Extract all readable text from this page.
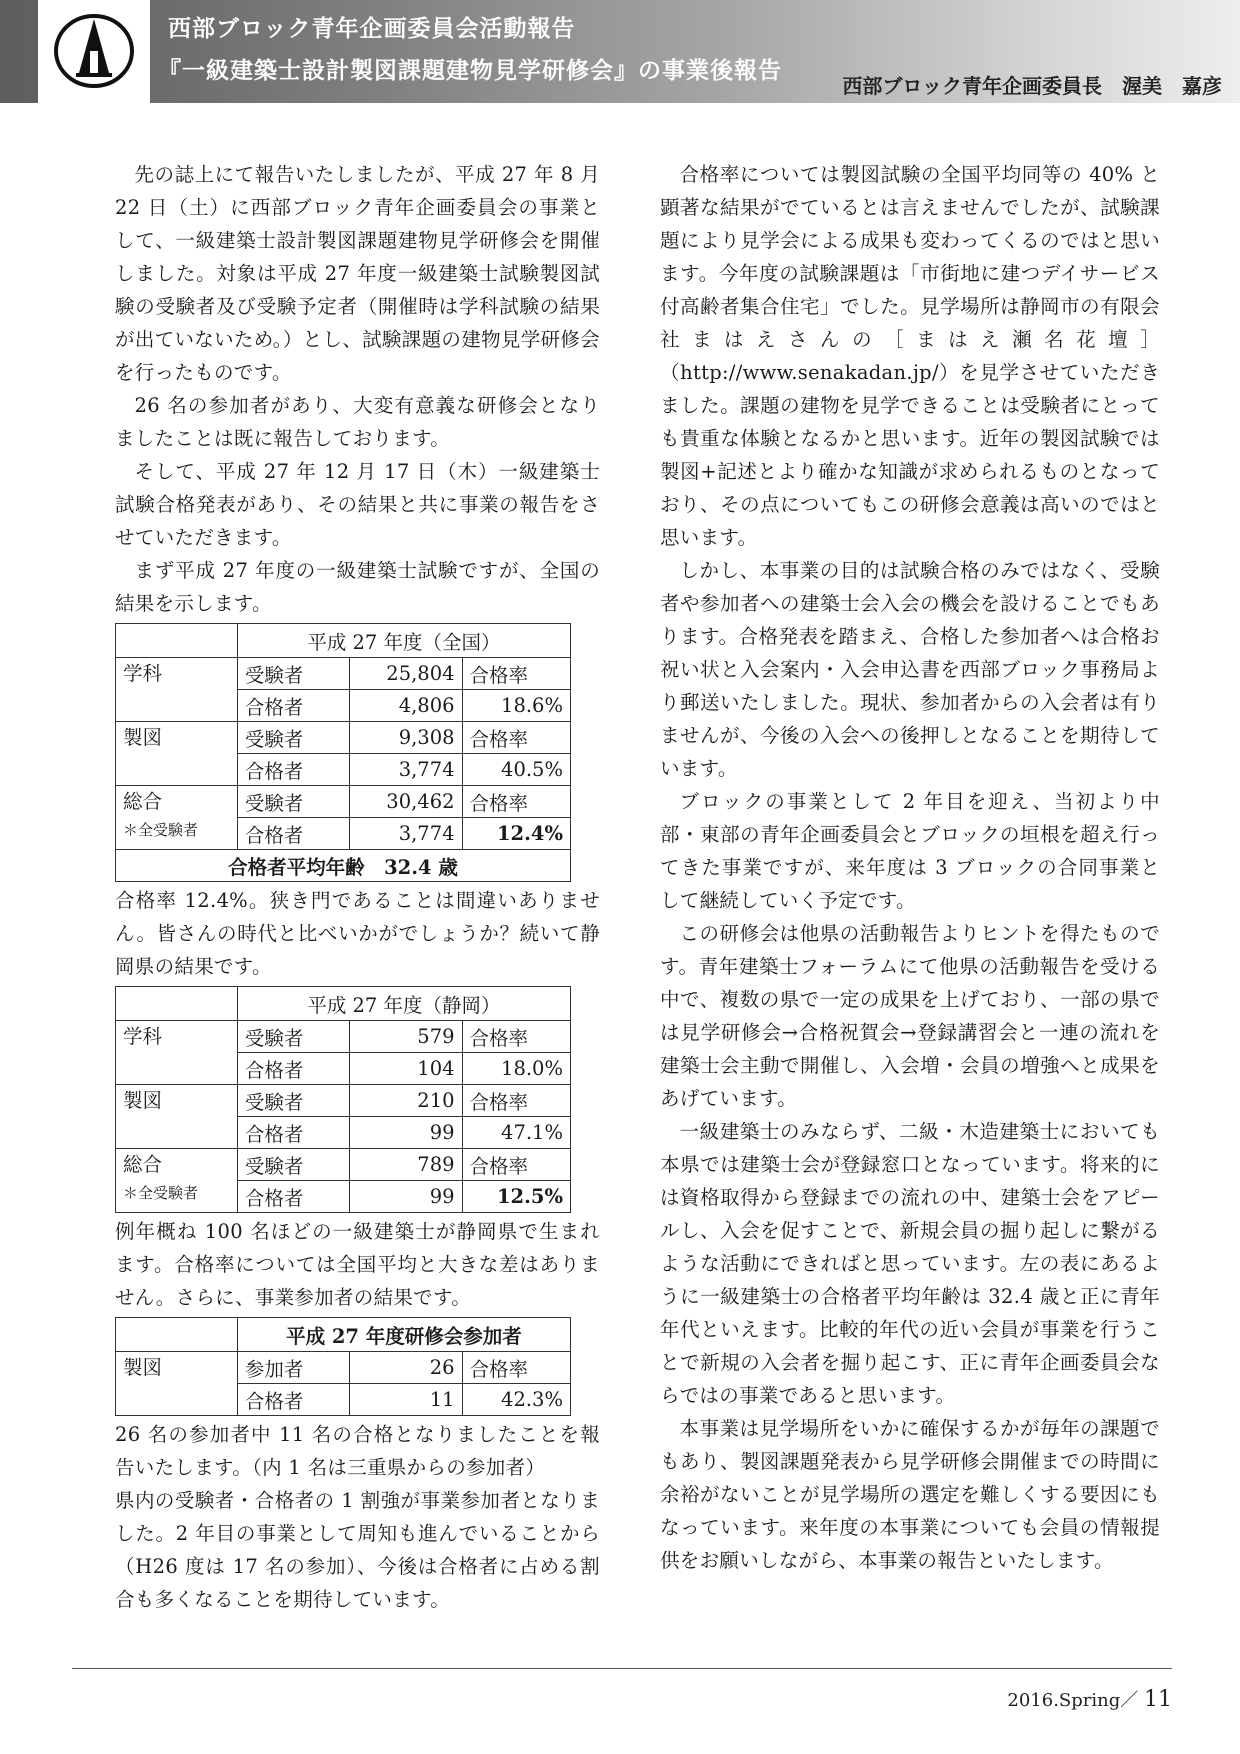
西部ブロック青年企画委員会活動報告
『一級建築士設計製図課題建物見学研修会』の事業後報告

西部ブロック青年企画委員長　渥美　嘉彦

先の誌上にて報告いたしましたが、平成 27 年 8 月 22 日（土）に西部ブロック青年企画委員会の事業として、一級建築士設計製図課題建物見学研修会を開催しました。対象は平成 27 年度一級建築士試験製図試験の受験者及び受験予定者（開催時は学科試験の結果が出ていないため。）とし、試験課題の建物見学研修会を行ったものです。

26 名の参加者があり、大変有意義な研修会となりましたことは既に報告しております。

そして、平成 27 年 12 月 17 日（木）一級建築士試験合格発表があり、その結果と共に事業の報告をさせていただきます。

まず平成 27 年度の一級建築士試験ですが、全国の結果を示します。

	平成 27 年度（全国）		
学科	受験者	25,804	合格率
	合格者	4,806	18.6%
製図	受験者	9,308	合格率
	合格者	3,774	40.5%
総合
＊全受験者	受験者	30,462	合格率
	合格者	3,774	12.4%
合格者平均年齢　32.4 歳			

合格率 12.4%。狭き門であることは間違いありません。皆さんの時代と比べいかがでしょうか？続いて静岡県の結果です。

	平成 27 年度（静岡）		
学科	受験者	579	合格率
	合格者	104	18.0%
製図	受験者	210	合格率
	合格者	99	47.1%
総合
＊全受験者	受験者	789	合格率
	合格者	99	12.5%

例年概ね 100 名ほどの一級建築士が静岡県で生まれます。合格率については全国平均と大きな差はありません。さらに、事業参加者の結果です。

	平成 27 年度研修会参加者		
製図	参加者	26	合格率
	合格者	11	42.3%

26 名の参加者中 11 名の合格となりましたことを報告いたします。（内 1 名は三重県からの参加者）

県内の受験者・合格者の 1 割強が事業参加者となりました。2 年目の事業として周知も進んでいることから（H26 度は 17 名の参加）、今後は合格者に占める割合も多くなることを期待しています。

合格率については製図試験の全国平均同等の 40% と顕著な結果がでているとは言えませんでしたが、試験課題により見学会による成果も変わってくるのではと思います。今年度の試験課題は「市街地に建つデイサービス付高齢者集合住宅」でした。見学場所は静岡市の有限会社まはえさんの［まはえ瀬名花壇］（http://www.senakadan.jp/）を見学させていただきました。課題の建物を見学できることは受験者にとっても貴重な体験となるかと思います。近年の製図試験では製図+記述とより確かな知識が求められるものとなっており、その点についてもこの研修会意義は高いのではと思います。

しかし、本事業の目的は試験合格のみではなく、受験者や参加者への建築士会入会の機会を設けることでもあります。合格発表を踏まえ、合格した参加者へは合格お祝い状と入会案内・入会申込書を西部ブロック事務局より郵送いたしました。現状、参加者からの入会者は有りませんが、今後の入会への後押しとなることを期待しています。

ブロックの事業として 2 年目を迎え、当初より中部・東部の青年企画委員会とブロックの垣根を超え行ってきた事業ですが、来年度は 3 ブロックの合同事業として継続していく予定です。

この研修会は他県の活動報告よりヒントを得たものです。青年建築士フォーラムにて他県の活動報告を受ける中で、複数の県で一定の成果を上げており、一部の県では見学研修会→合格祝賀会→登録講習会と一連の流れを建築士会主動で開催し、入会増・会員の増強へと成果をあげています。

一級建築士のみならず、二級・木造建築士においても本県では建築士会が登録窓口となっています。将来的には資格取得から登録までの流れの中、建築士会をアピールし、入会を促すことで、新規会員の掘り起しに繋がるような活動にできればと思っています。左の表にあるように一級建築士の合格者平均年齢は 32.4 歳と正に青年年代といえます。比較的年代の近い会員が事業を行うことで新規の入会者を掘り起こす、正に青年企画委員会ならではの事業であると思います。

本事業は見学場所をいかに確保するかが毎年の課題でもあり、製図課題発表から見学研修会開催までの時間に余裕がないことが見学場所の選定を難しくする要因にもなっています。来年度の本事業についても会員の情報提供をお願いしながら、本事業の報告といたします。

2016.Spring／ 11
